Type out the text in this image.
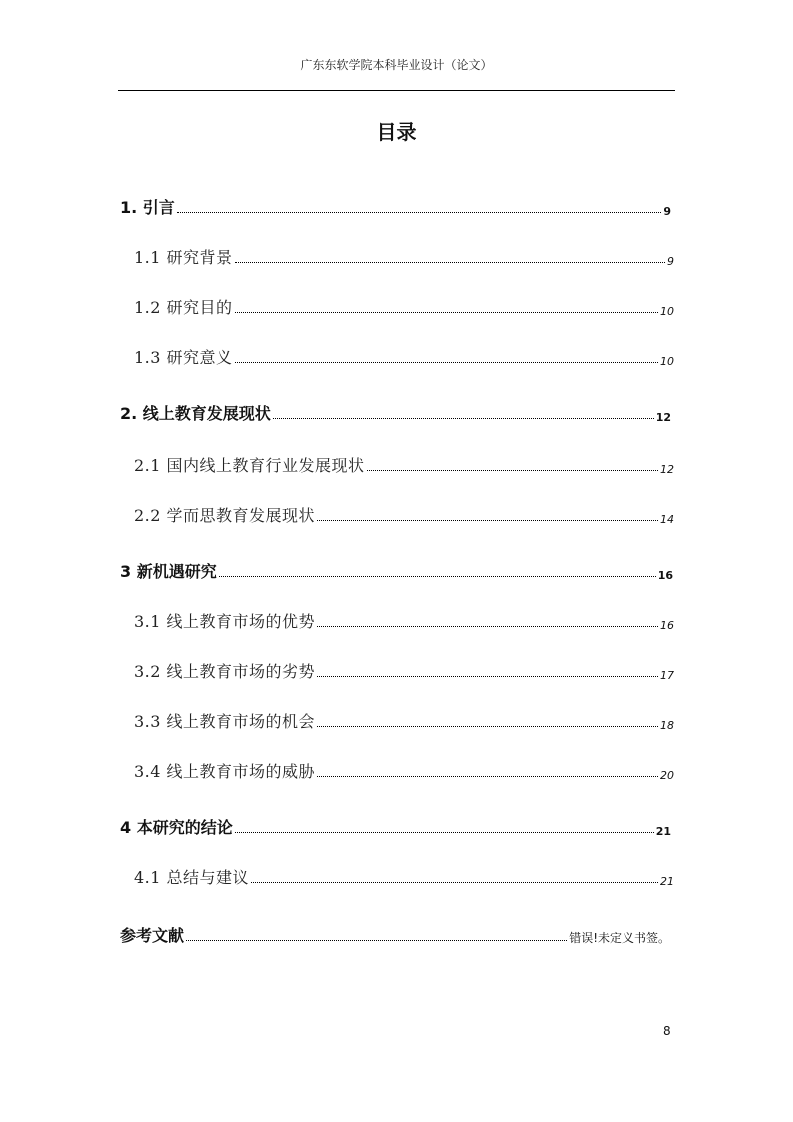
广东东软学院本科毕业设计（论文）
目录
1. 引言	9
1.1 研究背景	9
1.2 研究目的	10
1.3 研究意义	10
2. 线上教育发展现状	12
2.1 国内线上教育行业发展现状	12
2.2 学而思教育发展现状	14
3 新机遇研究	16
3.1 线上教育市场的优势	16
3.2 线上教育市场的劣势	17
3.3 线上教育市场的机会	18
3.4 线上教育市场的威胁	20
4 本研究的结论	21
4.1 总结与建议	21
参考文献	错误!未定义书签。
8
